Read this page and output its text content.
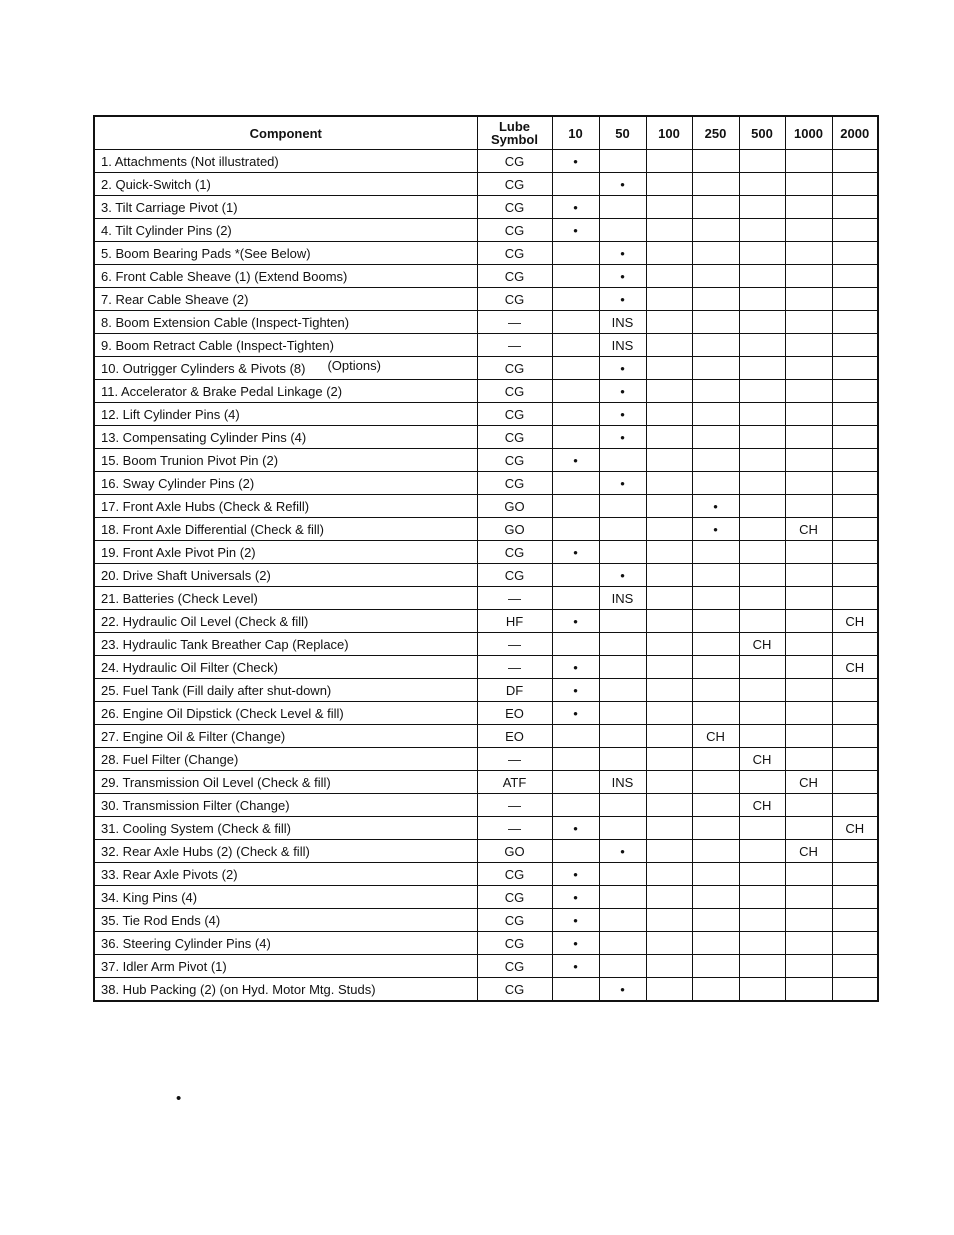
Component	Lube
Symbol	10	50	100	250	500	1000	2000
1. Attachments (Not illustrated)	CG	•						
2. Quick-Switch (1)	CG		•					
3. Tilt Carriage Pivot (1)	CG	•						
4. Tilt Cylinder Pins (2)	CG	•						
5. Boom Bearing Pads *(See Below)	CG		•					
6. Front Cable Sheave (1) (Extend Booms)	CG		•					
7. Rear Cable Sheave (2)	CG		•					
8. Boom Extension Cable (Inspect-Tighten)	—		INS					
9. Boom Retract Cable (Inspect-Tighten)	—		INS					
10. Outrigger Cylinders & Pivots (8) (Options)	CG		•					
11. Accelerator & Brake Pedal Linkage (2)	CG		•					
12. Lift Cylinder Pins (4)	CG		•					
13. Compensating Cylinder Pins (4)	CG		•					
15. Boom Trunion Pivot Pin (2)	CG	•						
16. Sway Cylinder Pins (2)	CG		•					
17. Front Axle Hubs (Check & Refill)	GO				•			
18. Front Axle Differential (Check & fill)	GO				•		CH	
19. Front Axle Pivot Pin (2)	CG	•						
20. Drive Shaft Universals (2)	CG		•					
21. Batteries (Check Level)	—		INS					
22. Hydraulic Oil Level (Check & fill)	HF	•						CH
23. Hydraulic Tank Breather Cap (Replace)	—					CH		
24. Hydraulic Oil Filter (Check)	—	•						CH
25. Fuel Tank (Fill daily after shut-down)	DF	•						
26. Engine Oil Dipstick (Check Level & fill)	EO	•						
27. Engine Oil & Filter (Change)	EO				CH			
28. Fuel Filter (Change)	—					CH		
29. Transmission Oil Level (Check & fill)	ATF		INS				CH	
30. Transmission Filter (Change)	—					CH		
31. Cooling System (Check & fill)	—	•						CH
32. Rear Axle Hubs (2) (Check & fill)	GO		•				CH	
33. Rear Axle Pivots (2)	CG	•						
34. King Pins (4)	CG	•						
35. Tie Rod Ends (4)	CG	•						
36. Steering Cylinder Pins (4)	CG	•						
37. Idler Arm Pivot (1)	CG	•						
38. Hub Packing (2) (on Hyd. Motor Mtg. Studs)	CG		•					
•
